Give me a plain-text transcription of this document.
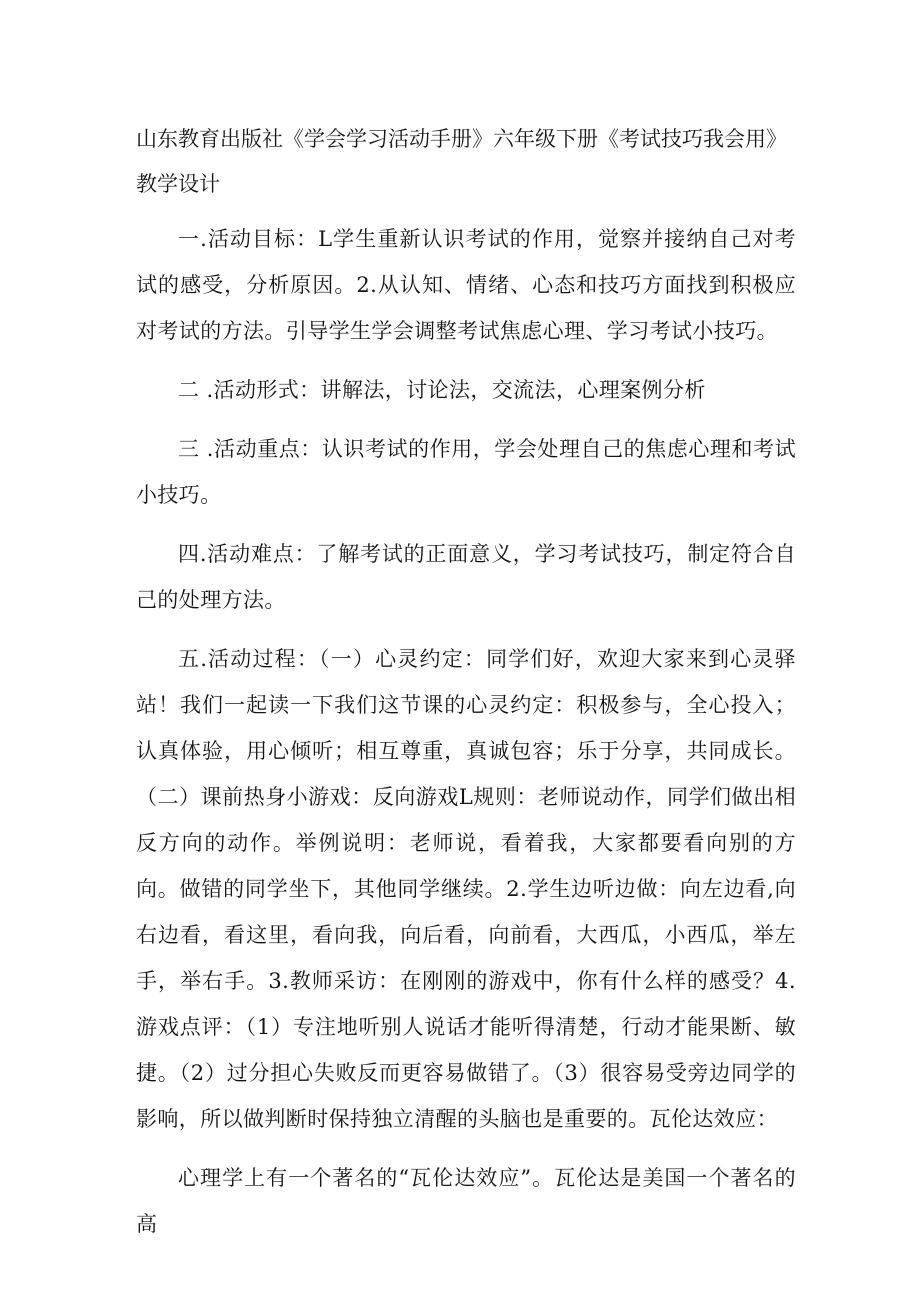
山东教育出版社《学会学习活动手册》六年级下册《考试技巧我会用》

教学设计

一.活动目标：L学生重新认识考试的作用，觉察并接纳自己对考试的感受，分析原因。2.从认知、情绪、心态和技巧方面找到积极应对考试的方法。引导学生学会调整考试焦虑心理、学习考试小技巧。

二 .活动形式：讲解法，讨论法，交流法，心理案例分析

三 .活动重点：认识考试的作用，学会处理自己的焦虑心理和考试小技巧。

四.活动难点：了解考试的正面意义，学习考试技巧，制定符合自己的处理方法。

五.活动过程：（一）心灵约定：同学们好，欢迎大家来到心灵驿站！我们一起读一下我们这节课的心灵约定：积极参与，全心投入；认真体验，用心倾听；相互尊重，真诚包容；乐于分享，共同成长。（二）课前热身小游戏：反向游戏L规则：老师说动作，同学们做出相反方向的动作。举例说明：老师说，看着我，大家都要看向别的方向。做错的同学坐下，其他同学继续。2.学生边听边做：向左边看,向右边看，看这里，看向我，向后看，向前看，大西瓜，小西瓜，举左手，举右手。3.教师采访：在刚刚的游戏中，你有什么样的感受？4.游戏点评：（1）专注地听别人说话才能听得清楚，行动才能果断、敏捷。（2）过分担心失败反而更容易做错了。（3）很容易受旁边同学的影响，所以做判断时保持独立清醒的头脑也是重要的。瓦伦达效应：

心理学上有一个著名的“瓦伦达效应”。瓦伦达是美国一个著名的高
